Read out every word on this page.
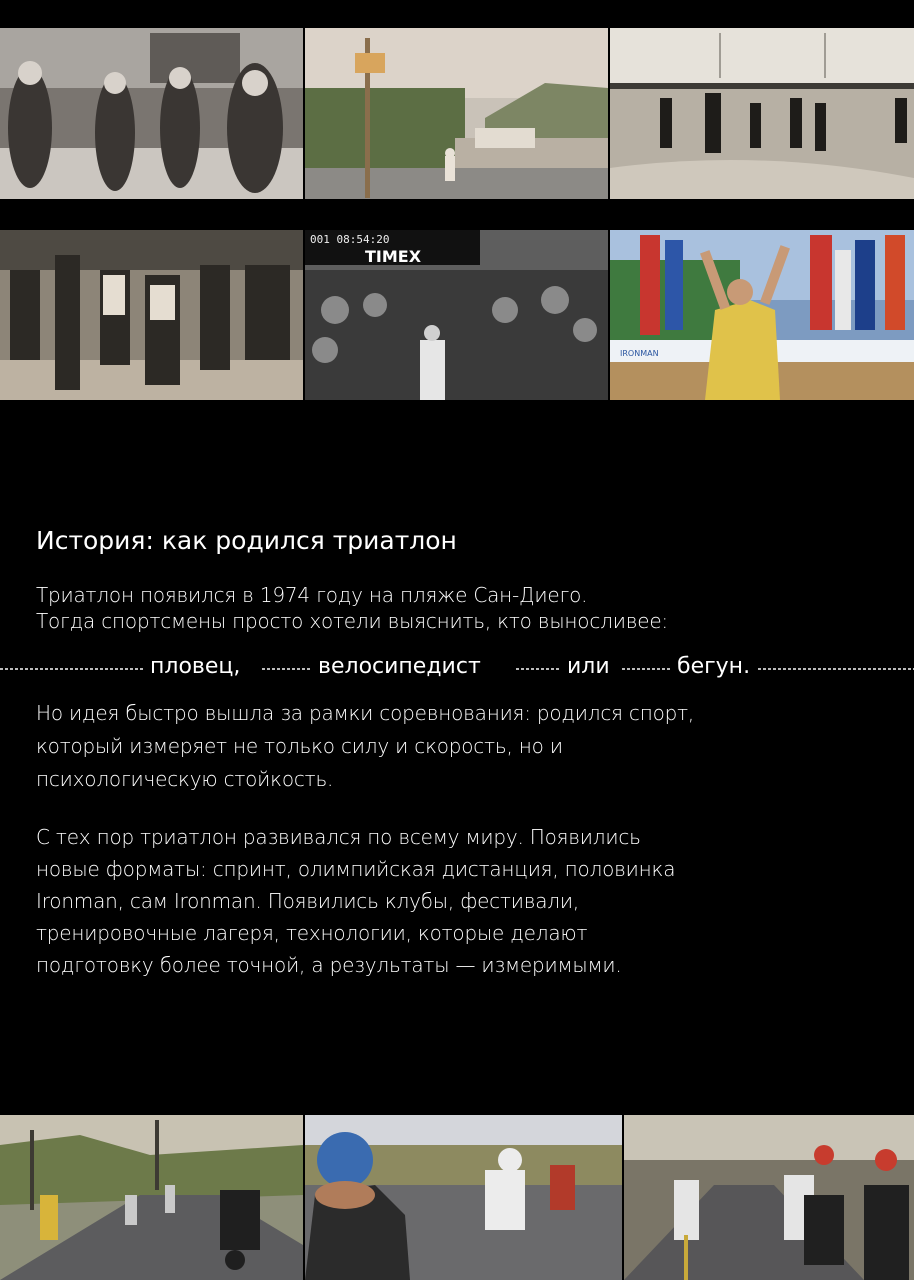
001 08:54:20
TIMEX
IRONMAN
История: как родился триатлон

Триатлон появился в 1974 году на пляже Сан-Диего.

Тогда спортсмены просто хотели выяснить, кто выносливее:

пловец,	велосипедист	или	бегун.

Но идея быстро вышла за рамки соревнования: родился спорт,

который измеряет не только силу и скорость, но и

психологическую стойкость.

С тех пор триатлон развивался по всему миру. Появились

новые форматы: спринт, олимпийская дистанция, половинка

Ironman, сам Ironman. Появились клубы, фестивали,

тренировочные лагеря, технологии, которые делают

подготовку более точной, а результаты — измеримыми.
